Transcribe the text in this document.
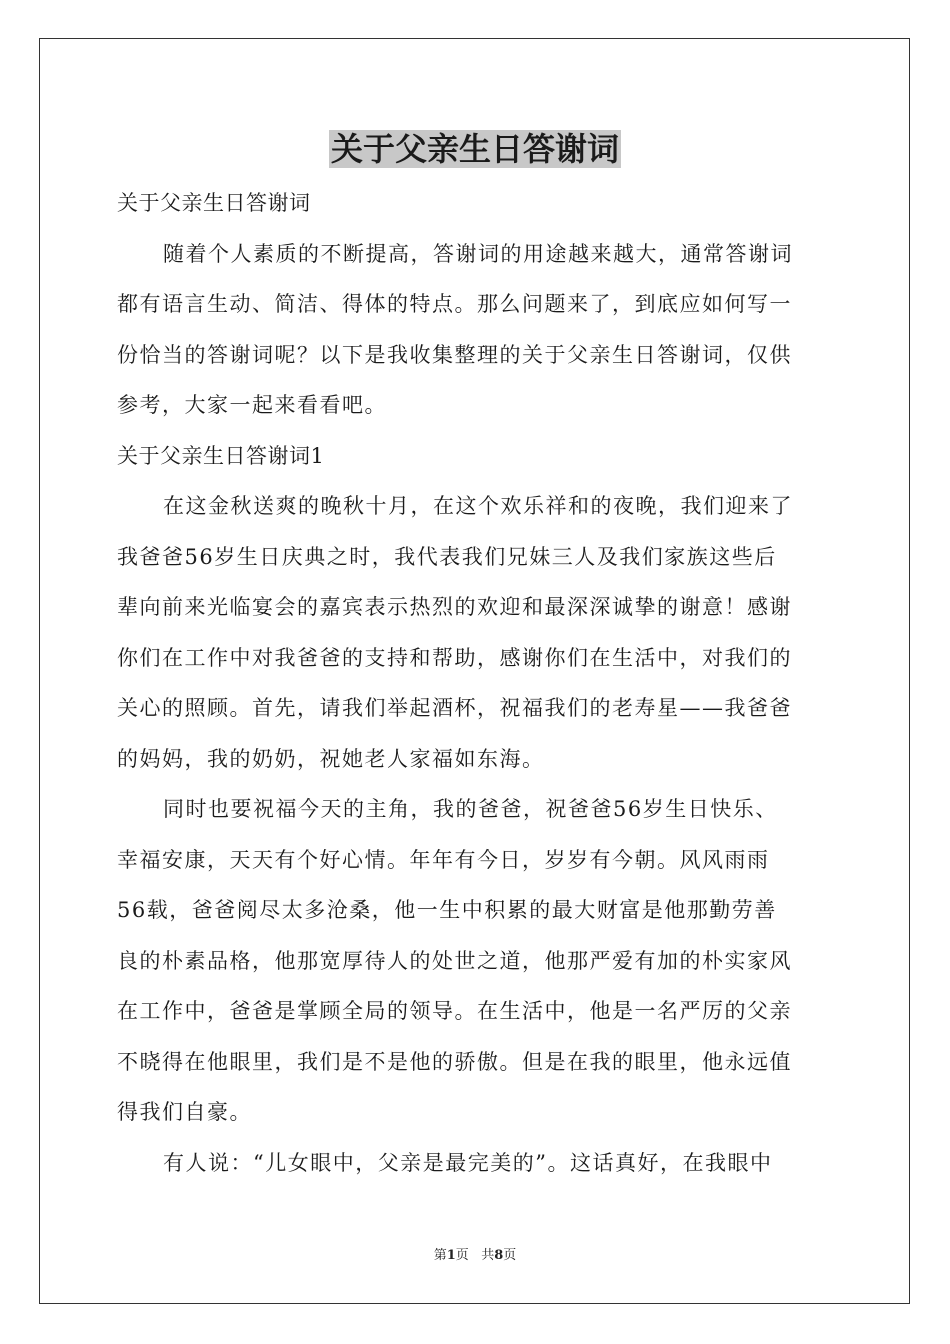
关于父亲生日答谢词
关于父亲生日答谢词
随着个人素质的不断提高，答谢词的用途越来越大，通常答谢词
都有语言生动、简洁、得体的特点。那么问题来了，到底应如何写一
份恰当的答谢词呢？以下是我收集整理的关于父亲生日答谢词，仅供
参考，大家一起来看看吧。
关于父亲生日答谢词1
在这金秋送爽的晚秋十月，在这个欢乐祥和的夜晚，我们迎来了
我爸爸56岁生日庆典之时，我代表我们兄妹三人及我们家族这些后
辈向前来光临宴会的嘉宾表示热烈的欢迎和最深深诚挚的谢意！感谢
你们在工作中对我爸爸的支持和帮助，感谢你们在生活中，对我们的
关心的照顾。首先，请我们举起酒杯，祝福我们的老寿星——我爸爸
的妈妈，我的奶奶，祝她老人家福如东海。
同时也要祝福今天的主角，我的爸爸，祝爸爸56岁生日快乐、
幸福安康，天天有个好心情。年年有今日，岁岁有今朝。风风雨雨
56载，爸爸阅尽太多沧桑，他一生中积累的最大财富是他那勤劳善
良的朴素品格，他那宽厚待人的处世之道，他那严爱有加的朴实家风
在工作中，爸爸是掌顾全局的领导。在生活中，他是一名严厉的父亲
不晓得在他眼里，我们是不是他的骄傲。但是在我的眼里，他永远值
得我们自豪。
有人说：“儿女眼中，父亲是最完美的”。这话真好，在我眼中
第1页 共8页
